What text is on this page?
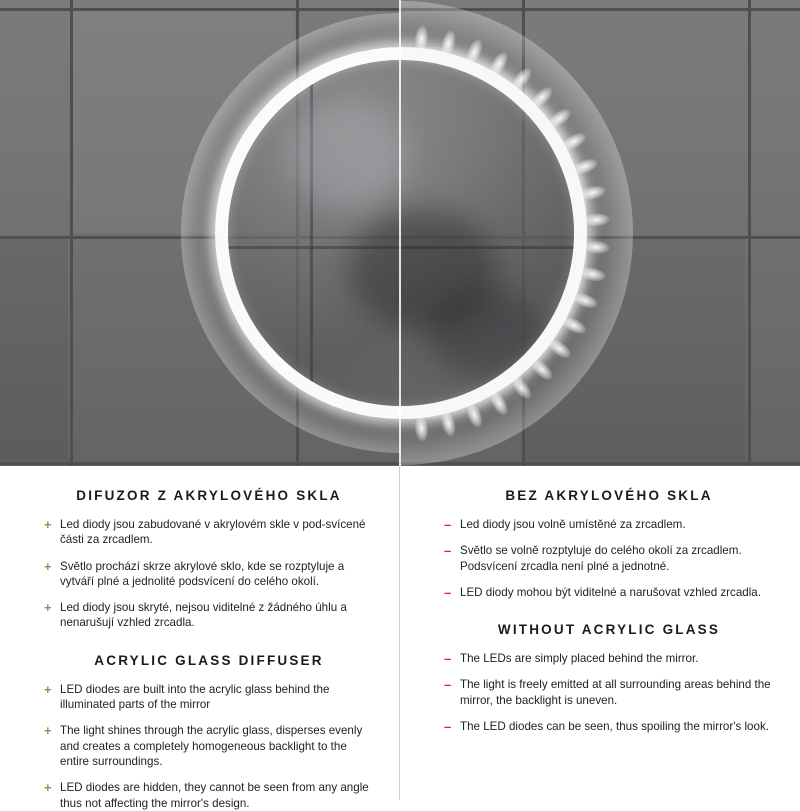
DIFUZOR Z AKRYLOVÉHO SKLA
+ Led diody jsou zabudované v akrylovém skle v pod-svícené části za zrcadlem.
+ Světlo prochází skrze akrylové sklo, kde se rozptyluje a vytváří plné a jednolité podsvícení do celého okolí.
+ Led diody jsou skryté, nejsou viditelné z žádného úhlu a nenarušují vzhled zrcadla.
ACRYLIC GLASS DIFFUSER
+ LED diodes are built into the acrylic glass behind the illuminated parts of the mirror
+ The light shines through the acrylic glass, disperses evenly and creates a completely homogeneous backlight to the entire surroundings.
+ LED diodes are hidden, they cannot be seen from any angle thus not affecting the mirror's design.
BEZ AKRYLOVÉHO SKLA
– Led diody jsou volně umístěné za zrcadlem.
– Světlo se volně rozptyluje do celého okolí za zrcadlem. Podsvícení zrcadla není plné a jednotné.
– LED diody mohou být viditelné a narušovat vzhled zrcadla.
WITHOUT ACRYLIC GLASS
– The LEDs are simply placed behind the mirror.
– The light is freely emitted at all surrounding areas behind the mirror, the backlight is uneven.
– The LED diodes can be seen, thus spoiling the mirror's look.
